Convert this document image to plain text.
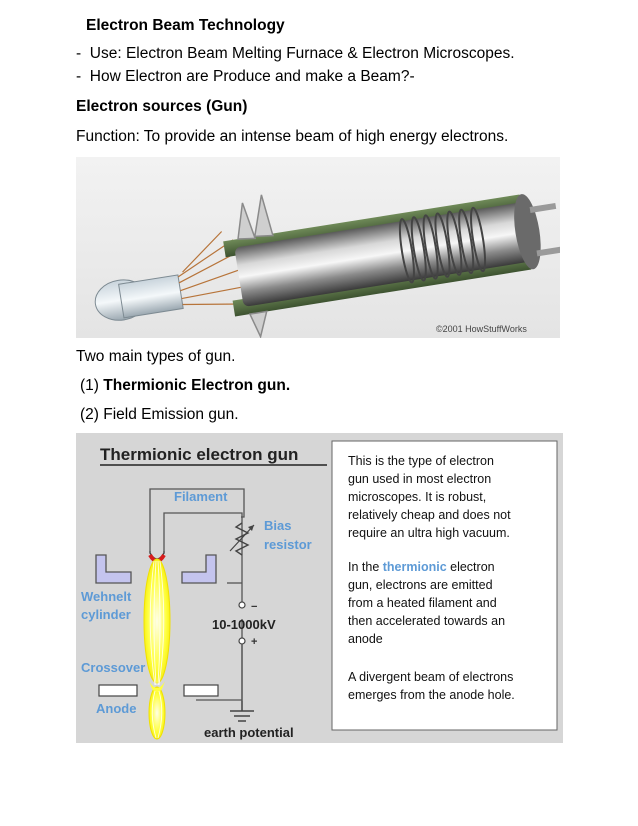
Electron Beam Technology
- Use: Electron Beam Melting Furnace & Electron Microscopes.
- How Electron are Produce and make a Beam?-
Electron sources (Gun)
Function: To provide an intense beam of high energy electrons.
©2001 HowStuffWorks
Two main types of gun.
(1) Thermionic Electron gun.
(2) Field Emission gun.
Thermionic electron gun
Filament
Bias
resistor
Wehnelt
cylinder	−
10-1000kV
+
Crossover
Anode
earth potential
This is the type of electron
gun used in most electron
microscopes. It is robust,
relatively cheap and does not
require an ultra high vacuum.
In the thermionic electron
gun, electrons are emitted
from a heated filament and
then accelerated towards an
anode
A divergent beam of electrons
emerges from the anode hole.
